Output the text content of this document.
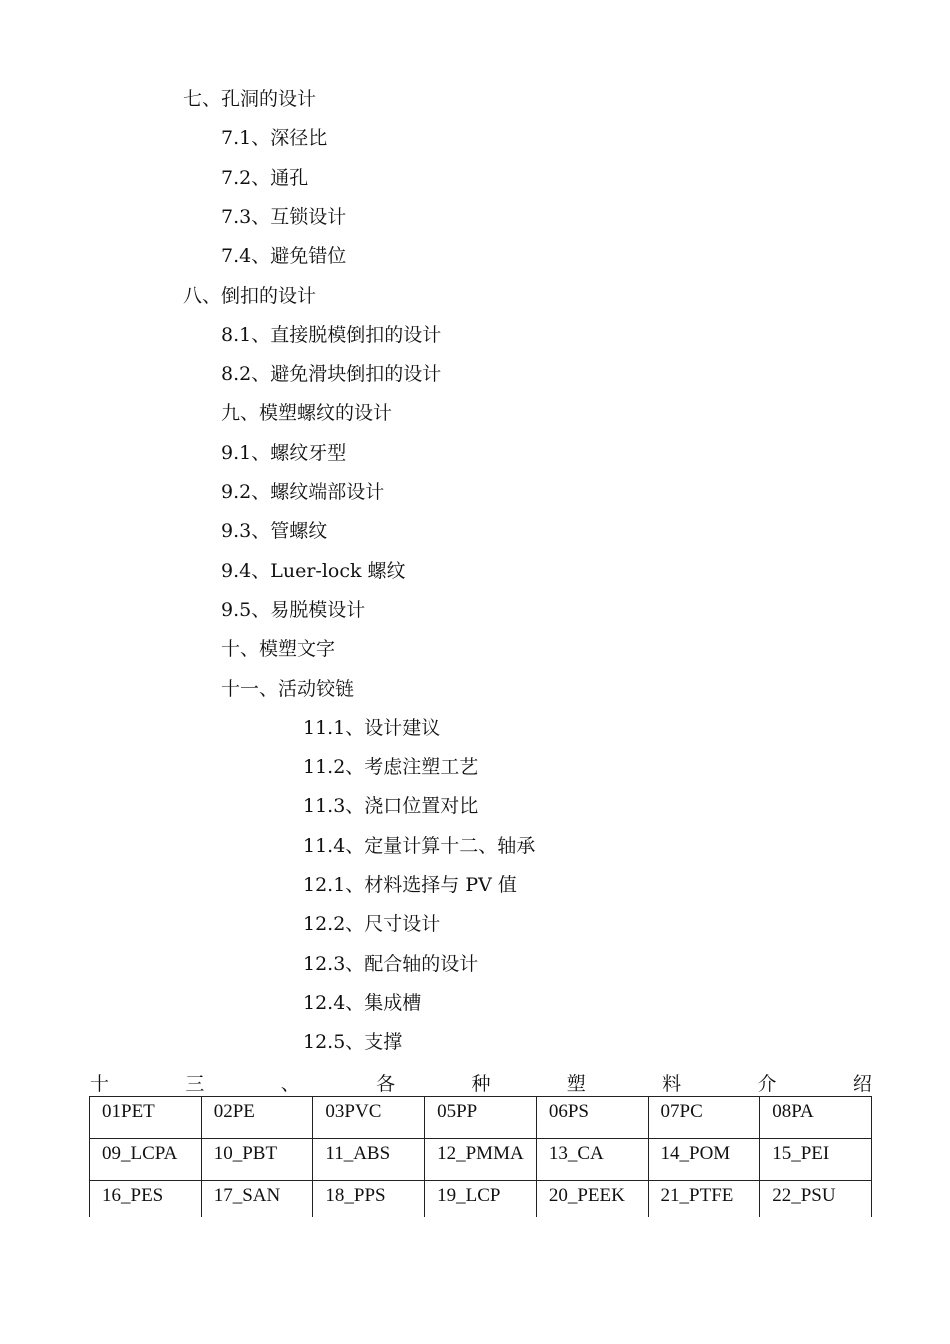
七、孔洞的设计
7.1、深径比
7.2、通孔
7.3、互锁设计
7.4、避免错位
八、倒扣的设计
8.1、直接脱模倒扣的设计
8.2、避免滑块倒扣的设计
九、模塑螺纹的设计
9.1、螺纹牙型
9.2、螺纹端部设计
9.3、管螺纹
9.4、Luer-lock 螺纹
9.5、易脱模设计
十、模塑文字
十一、活动铰链
11.1、设计建议
11.2、考虑注塑工艺
11.3、浇口位置对比
11.4、定量计算十二、轴承
12.1、材料选择与 PV 值
12.2、尺寸设计
12.3、配合轴的设计
12.4、集成槽
12.5、支撑
十	三	、	各	种	塑	料	介	绍
01PET	02PE	03PVC	05PP	06PS	07PC	08PA
09_LCPA	10_PBT	11_ABS	12_PMMA	13_CA	14_POM	15_PEI
16_PES	17_SAN	18_PPS	19_LCP	20_PEEK	21_PTFE	22_PSU
